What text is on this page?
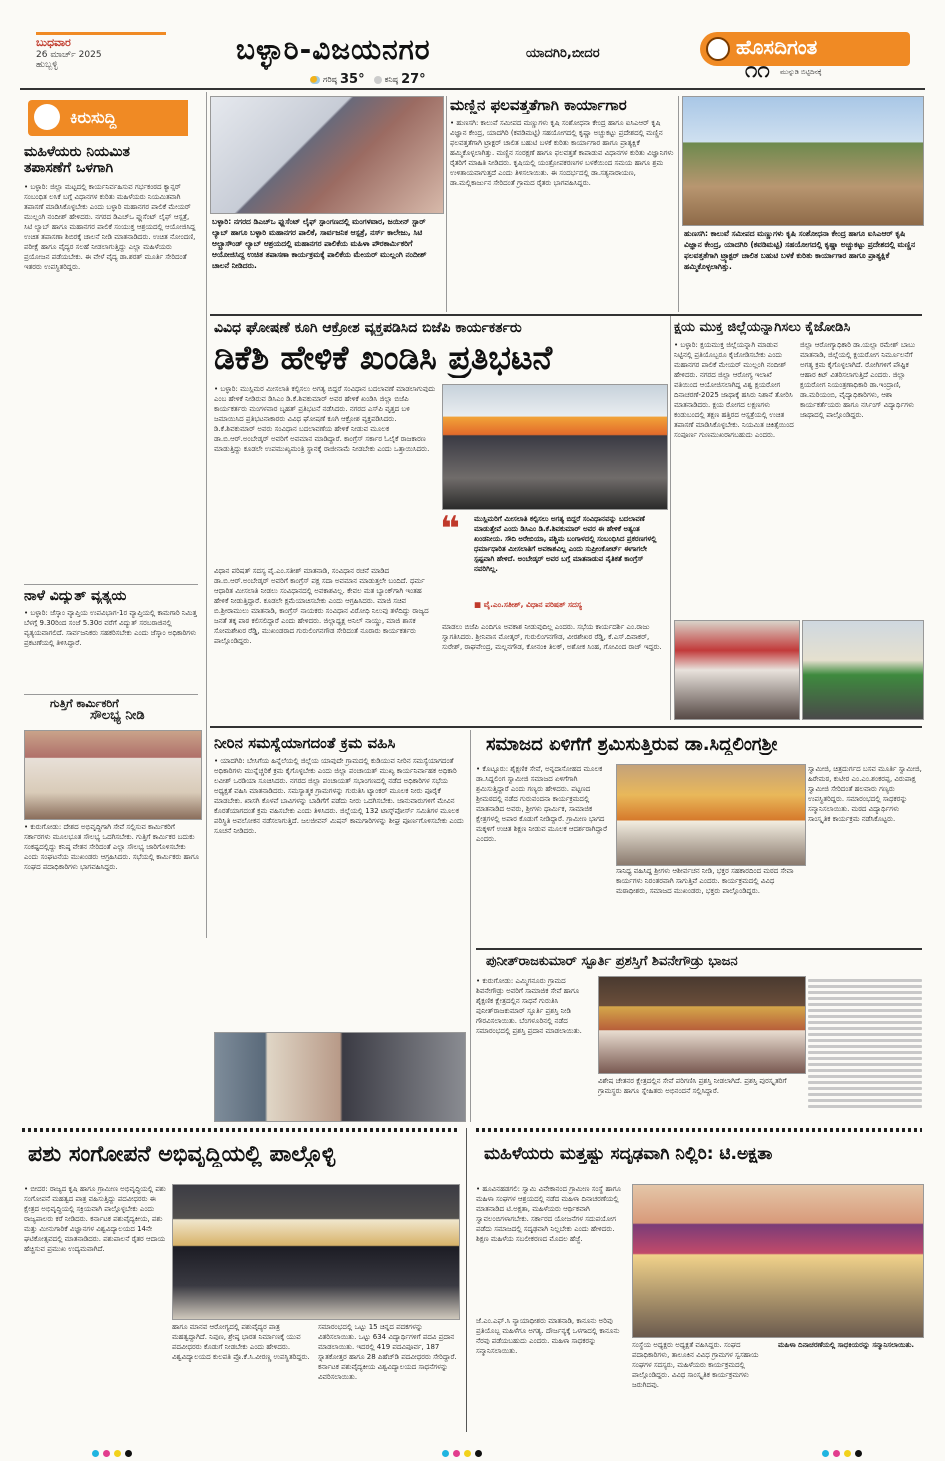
ಬುಧವಾರ
26 ಮಾರ್ಚ್ 2025
ಹುಬ್ಬಳ್ಳಿ	ಬಳ್ಳಾರಿ-ವಿಜಯನಗರ	ಯಾದಗಿರಿ,ಬೀದರ
ಗರಿಷ್ಠ 35°	ಕನಿಷ್ಠ 27°
ಹೊಸದಿಗಂತ
ಮುನ್ನುಡಿ ಬಿಟ್ಟಿದಿನಕ್ಕೆ
೧೧
ಕಿರುಸುದ್ದಿ
ಮಹಿಳೆಯರು ನಿಯಮಿತ
ತಪಾಸಣೆಗೆ ಒಳಗಾಗಿ
• ಬಳ್ಳಾರಿ: ಜಿಲ್ಲಾ ಮಟ್ಟದಲ್ಲಿ ಕಾರ್ಯನಿರ್ವಹಿಸುವ ಗರ್ಭಕಂಠದ ಕ್ಯಾನ್ಸರ್ ಸಂಬಂಧಿತ ಲಸಿಕೆ ಬಗ್ಗೆ ವಿಧಾನಗಳ ಕುರಿತು ಮಹಿಳೆಯರು ನಿಯಮಿತವಾಗಿ ತಪಾಸಣೆ ಮಾಡಿಸಿಕೊಳ್ಳಬೇಕು ಎಂದು ಬಳ್ಳಾರಿ ಮಹಾನಗರ ಪಾಲಿಕೆ ಮೇಯರ್ ಮುಲ್ಲಂಗಿ ನಂದೀಶ್ ಹೇಳಿದರು. ನಗರದ ಡಿಎಚ್‌ಒ ಫ್ಲುಸೆಂಟ್ ಲೈಫ್ ಆಸ್ಪತ್ರೆ, ಸಿಟಿ ಲ್ಯಾಬ್ ಹಾಗೂ ಮಹಾನಗರ ಪಾಲಿಕೆ ಸಂಯುಕ್ತ ಆಶ್ರಯದಲ್ಲಿ ಆಯೋಜಿಸಿದ್ದ ಉಚಿತ ತಪಾಸಣಾ ಶಿಬಿರಕ್ಕೆ ಚಾಲನೆ ನೀಡಿ ಮಾತನಾಡಿದರು. ಉಚಿತ ನೋಂದಣಿ, ಪರೀಕ್ಷೆ ಹಾಗೂ ವೈದ್ಯರ ಸಲಹೆ ನೀಡಲಾಗುತ್ತಿದ್ದು ಎಲ್ಲಾ ಮಹಿಳೆಯರು ಪ್ರಯೋಜನ ಪಡೆಯಬೇಕು. ಈ ವೇಳೆ ವೈದ್ಯ ಡಾ.ಶರತ್ ಮೂರ್ತಿ ಸೇರಿದಂತೆ ಇತರರು ಉಪಸ್ಥಿತರಿದ್ದರು.
ನಾಳೆ ವಿದ್ಯುತ್ ವ್ಯತ್ಯಯ
• ಬಳ್ಳಾರಿ: ಜೆಸ್ಕಾಂ ವ್ಯಾಪ್ತಿಯ ಉಪವಿಭಾಗ-1ರ ವ್ಯಾಪ್ತಿಯಲ್ಲಿ ಕಾಮಗಾರಿ ನಿಮಿತ್ತ ಬೆಳಗ್ಗೆ 9.30ರಿಂದ ಸಂಜೆ 5.30ರ ವರೆಗೆ ವಿದ್ಯುತ್ ಸರಬರಾಜಿನಲ್ಲಿ ವ್ಯತ್ಯಯವಾಗಲಿದೆ. ಸಾರ್ವಜನಿಕರು ಸಹಕರಿಸಬೇಕು ಎಂದು ಜೆಸ್ಕಾಂ ಅಧಿಕಾರಿಗಳು ಪ್ರಕಟಣೆಯಲ್ಲಿ ತಿಳಿಸಿದ್ದಾರೆ.
ಗುತ್ತಿಗೆ ಕಾರ್ಮಿಕರಿಗೆ
ಸೌಲಭ್ಯ ನೀಡಿ
• ಕುರುಗೋಡು: ದೇಶದ ಅಭಿವೃದ್ಧಿಗಾಗಿ ಸೇವೆ ಸಲ್ಲಿಸುವ ಕಾರ್ಮಿಕರಿಗೆ ಸರ್ಕಾರಗಳು ಮೂಲಭೂತ ಸೌಲಭ್ಯ ಒದಗಿಸಬೇಕು. ಗುತ್ತಿಗೆ ಕಾರ್ಮಿಕರ ಬದುಕು ಸಂಕಷ್ಟದಲ್ಲಿದ್ದು ಕನಿಷ್ಠ ವೇತನ ಸೇರಿದಂತೆ ಎಲ್ಲಾ ಸೌಲಭ್ಯ ಜಾರಿಗೊಳಿಸಬೇಕು ಎಂದು ಸಂಘಟನೆಯ ಮುಖಂಡರು ಆಗ್ರಹಿಸಿದರು. ಸಭೆಯಲ್ಲಿ ಕಾರ್ಮಿಕರು ಹಾಗೂ ಸಂಘದ ಪದಾಧಿಕಾರಿಗಳು ಭಾಗವಹಿಸಿದ್ದರು.
ಬಳ್ಳಾರಿ: ನಗರದ ಡಿಎಚ್‌ಒ ಫ್ಲುಸೆಂಟ್ ಲೈಫ್ ಸ್ಪಾಂಗಣದಲ್ಲಿ ಮಂಗಳವಾರ, ಜಯೀನ್ ಸ್ಟಾರ್ ಲ್ಯಾಬ್ ಹಾಗೂ ಬಳ್ಳಾರಿ ಮಹಾನಗರ ಪಾಲಿಕೆ, ಸಾರ್ವಜನಿಕ ಆಸ್ಪತ್ರೆ, ನರ್ಸ್ ಕಾಲೇಜು, ಸಿಟಿ ಆಲ್ಟ್ರಾಸೌಂಡ್ ಲ್ಯಾಬ್ ಆಶ್ರಯದಲ್ಲಿ ಮಹಾನಗರ ಪಾಲಿಕೆಯ ಮಹಿಳಾ ಪೌರಕಾರ್ಮಿಕರಿಗೆ ಆಯೋಜಿಸಿದ್ದ ಉಚಿತ ತಪಾಸಣಾ ಕಾರ್ಯಕ್ರಮಕ್ಕೆ ಪಾಲಿಕೆಯ ಮೇಯರ್ ಮುಲ್ಲಂಗಿ ನಂದೀಶ್ ಚಾಲನೆ ನೀಡಿದರು.
ಮಣ್ಣಿನ ಫಲವತ್ತತೆಗಾಗಿ ಕಾರ್ಯಾಗಾರ
• ಹುಣಸಗಿ: ಕಾಲುವೆ ಸಮೀಪದ ಮಣ್ಣುಗಳು ಕೃಷಿ ಸಂಶೋಧನಾ ಕೇಂದ್ರ ಹಾಗೂ ಐಸಿಎಆರ್ ಕೃಷಿ ವಿಜ್ಞಾನ ಕೇಂದ್ರ, ಯಾದಗಿರಿ (ಕವಡಿಮಟ್ಟಿ) ಸಹಯೋಗದಲ್ಲಿ ಕೃಷ್ಣಾ ಅಚ್ಚುಕಟ್ಟು ಪ್ರದೇಶದಲ್ಲಿ ಮಣ್ಣಿನ ಫಲವತ್ತತೆಗಾಗಿ ಟ್ರಾಕ್ಟರ್ ಚಾಲಿತ ಬಹುಟಿ ಬಳಕೆ ಕುರಿತು ಕಾರ್ಯಾಗಾರ ಹಾಗೂ ಪ್ರಾತ್ಯಕ್ಷಿಕೆ ಹಮ್ಮಿಕೊಳ್ಳಲಾಗಿತ್ತು. ಮಣ್ಣಿನ ಸಂರಕ್ಷಣೆ ಹಾಗೂ ಫಲವತ್ತತೆ ಕಾಪಾಡುವ ವಿಧಾನಗಳ ಕುರಿತು ವಿಜ್ಞಾನಿಗಳು ರೈತರಿಗೆ ಮಾಹಿತಿ ನೀಡಿದರು. ಕೃಷಿಯಲ್ಲಿ ಯಂತ್ರೋಪಕರಣಗಳ ಬಳಕೆಯಿಂದ ಸಮಯ ಹಾಗೂ ಶ್ರಮ ಉಳಿತಾಯವಾಗುತ್ತದೆ ಎಂದು ತಿಳಿಸಲಾಯಿತು. ಈ ಸಂದರ್ಭದಲ್ಲಿ ಡಾ.ಸತ್ಯನಾರಾಯಣ, ಡಾ.ಮಲ್ಲಿಕಾರ್ಜುನ ಸೇರಿದಂತೆ ಗ್ರಾಮದ ರೈತರು ಭಾಗವಹಿಸಿದ್ದರು.
ಹುಣಸಗಿ: ಕಾಲುವೆ ಸಮೀಪದ ಮಣ್ಣುಗಳು ಕೃಷಿ ಸಂಶೋಧನಾ ಕೇಂದ್ರ ಹಾಗೂ ಐಸಿಎಆರ್ ಕೃಷಿ ವಿಜ್ಞಾನ ಕೇಂದ್ರ, ಯಾದಗಿರಿ (ಕವಡಿಮಟ್ಟಿ) ಸಹಯೋಗದಲ್ಲಿ ಕೃಷ್ಣಾ ಅಚ್ಚುಕಟ್ಟು ಪ್ರದೇಶದಲ್ಲಿ ಮಣ್ಣಿನ ಫಲವತ್ತತೆಗಾಗಿ ಟ್ರ್ಯಾಕ್ಟರ್ ಚಾಲಿತ ಬಹುಟಿ ಬಳಕೆ ಕುರಿತು ಕಾರ್ಯಾಗಾರ ಹಾಗೂ ಪ್ರಾತ್ಯಕ್ಷಿಕೆ ಹಮ್ಮಿಕೊಳ್ಳಲಾಗಿತ್ತು.
ವಿವಿಧ ಘೋಷಣೆ ಕೂಗಿ ಆಕ್ರೋಶ ವ್ಯಕ್ತಪಡಿಸಿದ ಬಿಜೆಪಿ ಕಾರ್ಯಕರ್ತರು
ಡಿಕೆಶಿ ಹೇಳಿಕೆ ಖಂಡಿಸಿ ಪ್ರತಿಭಟನೆ
• ಬಳ್ಳಾರಿ: ಮುಸ್ಲಿಮರ ಮೀಸಲಾತಿ ಕಲ್ಪಿಸಲು ಅಗತ್ಯ ಬಿದ್ದರೆ ಸಂವಿಧಾನ ಬದಲಾವಣೆ ಮಾಡಲಾಗುವುದು ಎಂಬ ಹೇಳಿಕೆ ನೀಡಿರುವ ಡಿಸಿಎಂ ಡಿ.ಕೆ.ಶಿವಕುಮಾರ್ ಅವರ ಹೇಳಿಕೆ ಖಂಡಿಸಿ ಜಿಲ್ಲಾ ಬಿಜೆಪಿ ಕಾರ್ಯಕರ್ತರು ಮಂಗಳವಾರ ಬೃಹತ್ ಪ್ರತಿಭಟನೆ ನಡೆಸಿದರು. ನಗರದ ಎಸ್‌ಪಿ ವೃತ್ತದ ಬಳಿ ಜಮಾಯಿಸಿದ ಪ್ರತಿಭಟನಾಕಾರರು ವಿವಿಧ ಘೋಷಣೆ ಕೂಗಿ ಆಕ್ರೋಶ ವ್ಯಕ್ತಪಡಿಸಿದರು. ಡಿ.ಕೆ.ಶಿವಕುಮಾರ್ ಅವರು ಸಂವಿಧಾನ ಬದಲಾವಣೆಯ ಹೇಳಿಕೆ ನೀಡುವ ಮೂಲಕ ಡಾ.ಬಿ.ಆರ್.ಅಂಬೇಡ್ಕರ್ ಅವರಿಗೆ ಅವಮಾನ ಮಾಡಿದ್ದಾರೆ. ಕಾಂಗ್ರೆಸ್ ಸರ್ಕಾರ ಓಲೈಕೆ ರಾಜಕಾರಣ ಮಾಡುತ್ತಿದ್ದು ಕೂಡಲೇ ಉಪಮುಖ್ಯಮಂತ್ರಿ ಸ್ಥಾನಕ್ಕೆ ರಾಜೀನಾಮೆ ನೀಡಬೇಕು ಎಂದು ಒತ್ತಾಯಿಸಿದರು.
ವಿಧಾನ ಪರಿಷತ್ ಸದಸ್ಯ ವೈ.ಎಂ.ಸತೀಶ್ ಮಾತನಾಡಿ, ಸಂವಿಧಾನ ರಚನೆ ಮಾಡಿದ ಡಾ.ಬಿ.ಆರ್.ಅಂಬೇಡ್ಕರ್ ಅವರಿಗೆ ಕಾಂಗ್ರೆಸ್ ಪಕ್ಷ ಸದಾ ಅವಮಾನ ಮಾಡುತ್ತಲೇ ಬಂದಿದೆ. ಧರ್ಮ ಆಧಾರಿತ ಮೀಸಲಾತಿ ನೀಡಲು ಸಂವಿಧಾನದಲ್ಲಿ ಅವಕಾಶವಿಲ್ಲ. ಕೇವಲ ಮತ ಬ್ಯಾಂಕ್‌ಗಾಗಿ ಇಂತಹ ಹೇಳಿಕೆ ನೀಡುತ್ತಿದ್ದಾರೆ. ಕೂಡಲೇ ಕ್ಷಮೆಯಾಚಿಸಬೇಕು ಎಂದು ಆಗ್ರಹಿಸಿದರು. ಮಾಜಿ ಸಚಿವ ಬಿ.ಶ್ರೀರಾಮುಲು ಮಾತನಾಡಿ, ಕಾಂಗ್ರೆಸ್ ನಾಯಕರು ಸಂವಿಧಾನ ವಿರೋಧಿ ನಿಲುವು ತಳೆದಿದ್ದು ರಾಜ್ಯದ ಜನತೆ ತಕ್ಕ ಪಾಠ ಕಲಿಸಲಿದ್ದಾರೆ ಎಂದು ಹೇಳಿದರು. ಜಿಲ್ಲಾಧ್ಯಕ್ಷ ಅನಿಲ್ ನಾಯ್ಡು, ಮಾಜಿ ಶಾಸಕ ಸೋಮಶೇಖರ ರೆಡ್ಡಿ, ಮುಖಂಡರಾದ ಗುರುಲಿಂಗನಗೌಡ ಸೇರಿದಂತೆ ನೂರಾರು ಕಾರ್ಯಕರ್ತರು ಪಾಲ್ಗೊಂಡಿದ್ದರು.
❝ ಮುಸ್ಲಿಮರಿಗೆ ಮೀಸಲಾತಿ ಕಲ್ಪಿಸಲು ಅಗತ್ಯ ಬಿದ್ದರೆ ಸಂವಿಧಾನವನ್ನು ಬದಲಾವಣೆ ಮಾಡುತ್ತೇವೆ ಎಂದು ಡಿಸಿಎಂ ಡಿ.ಕೆ.ಶಿವಕುಮಾರ್ ಅವರ ಈ ಹೇಳಿಕೆ ಅತ್ಯಂತ ಖಂಡನೀಯ. ಸೌದಿ ಅರೇಬಿಯಾ, ಪಶ್ಚಿಮ ಬಂಗಾಳದಲ್ಲಿ ಸಂಬಂಧಿಸಿದ ಪ್ರಕರಣಗಳಲ್ಲಿ ಧರ್ಮಾಧಾರಿತ ಮೀಸಲಾತಿಗೆ ಅವಕಾಶವಿಲ್ಲ ಎಂದು ಸುಪ್ರೀಂಕೋರ್ಟ್ ಈಗಾಗಲೇ ಸ್ಪಷ್ಟವಾಗಿ ಹೇಳಿದೆ. ಅಂಬೇಡ್ಕರ್ ಅವರ ಬಗ್ಗೆ ಮಾತನಾಡುವ ನೈತಿಕತೆ ಕಾಂಗ್ರೆಸ್ ನವರಿಗಿಲ್ಲ.
■ ವೈ.ಎಂ.ಸತೀಶ್, ವಿಧಾನ ಪರಿಷತ್ ಸದಸ್ಯ
ಮಾಡಲು ಬಿಜೆಪಿ ಎಂದಿಗೂ ಅವಕಾಶ ನೀಡುವುದಿಲ್ಲ ಎಂದರು. ಸಭೆಯ ಕಾರ್ಯದರ್ಶಿ ಎಂ.ರಾಜು ಸ್ವಾಗತಿಸಿದರು. ಶ್ರೀನಿವಾಸ ಮೋತ್ಕರ್, ಗುರುಲಿಂಗನಗೌಡ, ವೀರಶೇಖರ ರೆಡ್ಡಿ, ಕೆ.ಎಸ್.ದಿವಾಕರ್, ಸುರೇಶ್, ರಾಘವೇಂದ್ರ, ಮಲ್ಲನಗೌಡ, ಕೋನಂಕಿ ತಿಲಕ್, ಅಶೋಕ ಸಿಂಹ, ಗೋವಿಂದ ರಾಜ್ ಇದ್ದರು.
ಕ್ಷಯ ಮುಕ್ತ ಜಿಲ್ಲೆಯನ್ನಾಗಿಸಲು ಕೈಜೋಡಿಸಿ
• ಬಳ್ಳಾರಿ: ಕ್ಷಯಮುಕ್ತ ಜಿಲ್ಲೆಯನ್ನಾಗಿ ಮಾಡುವ ನಿಟ್ಟಿನಲ್ಲಿ ಪ್ರತಿಯೊಬ್ಬರೂ ಕೈಜೋಡಿಸಬೇಕು ಎಂದು ಮಹಾನಗರ ಪಾಲಿಕೆ ಮೇಯರ್ ಮುಲ್ಲಂಗಿ ನಂದೀಶ್ ಹೇಳಿದರು. ನಗರದ ಜಿಲ್ಲಾ ಆರೋಗ್ಯ ಇಲಾಖೆ ವತಿಯಿಂದ ಆಯೋಜಿಸಲಾಗಿದ್ದ ವಿಶ್ವ ಕ್ಷಯರೋಗ ದಿನಾಚರಣೆ-2025 ಜಾಥಾಕ್ಕೆ ಹಸಿರು ನಿಶಾನೆ ತೋರಿಸಿ ಮಾತನಾಡಿದರು. ಕ್ಷಯ ರೋಗದ ಲಕ್ಷಣಗಳು ಕಂಡುಬಂದಲ್ಲಿ ತಕ್ಷಣ ಹತ್ತಿರದ ಆಸ್ಪತ್ರೆಯಲ್ಲಿ ಉಚಿತ ತಪಾಸಣೆ ಮಾಡಿಸಿಕೊಳ್ಳಬೇಕು. ನಿಯಮಿತ ಚಿಕಿತ್ಸೆಯಿಂದ ಸಂಪೂರ್ಣ ಗುಣಮುಖರಾಗಬಹುದು ಎಂದರು.
ಜಿಲ್ಲಾ ಆರೋಗ್ಯಾಧಿಕಾರಿ ಡಾ.ಯಲ್ಲಾ ರಮೇಶ್ ಬಾಬು ಮಾತನಾಡಿ, ಜಿಲ್ಲೆಯಲ್ಲಿ ಕ್ಷಯರೋಗ ನಿರ್ಮೂಲನೆಗೆ ಅಗತ್ಯ ಕ್ರಮ ಕೈಗೊಳ್ಳಲಾಗಿದೆ. ರೋಗಿಗಳಿಗೆ ಪೌಷ್ಟಿಕ ಆಹಾರ ಕಿಟ್ ವಿತರಿಸಲಾಗುತ್ತಿದೆ ಎಂದರು. ಜಿಲ್ಲಾ ಕ್ಷಯರೋಗ ನಿಯಂತ್ರಣಾಧಿಕಾರಿ ಡಾ.ಇಂದ್ರಾಣಿ, ಡಾ.ಮರಿಯಂಬಿ, ವೈದ್ಯಾಧಿಕಾರಿಗಳು, ಆಶಾ ಕಾರ್ಯಕರ್ತೆಯರು ಹಾಗೂ ನರ್ಸಿಂಗ್ ವಿದ್ಯಾರ್ಥಿಗಳು ಜಾಥಾದಲ್ಲಿ ಪಾಲ್ಗೊಂಡಿದ್ದರು.
ನೀರಿನ ಸಮಸ್ಯೆಯಾಗದಂತೆ ಕ್ರಮ ವಹಿಸಿ
• ಯಾದಗಿರಿ: ಬೇಸಿಗೆಯ ಹಿನ್ನೆಲೆಯಲ್ಲಿ ಜಿಲ್ಲೆಯ ಯಾವುದೇ ಗ್ರಾಮದಲ್ಲಿ ಕುಡಿಯುವ ನೀರಿನ ಸಮಸ್ಯೆಯಾಗದಂತೆ ಅಧಿಕಾರಿಗಳು ಮುನ್ನೆಚ್ಚರಿಕೆ ಕ್ರಮ ಕೈಗೊಳ್ಳಬೇಕು ಎಂದು ಜಿಲ್ಲಾ ಪಂಚಾಯತ್ ಮುಖ್ಯ ಕಾರ್ಯನಿರ್ವಾಹಕ ಅಧಿಕಾರಿ ಲವೀಶ್ ಒರಡಿಯಾ ಸೂಚಿಸಿದರು. ನಗರದ ಜಿಲ್ಲಾ ಪಂಚಾಯತ್ ಸಭಾಂಗಣದಲ್ಲಿ ನಡೆದ ಅಧಿಕಾರಿಗಳ ಸಭೆಯ ಅಧ್ಯಕ್ಷತೆ ವಹಿಸಿ ಮಾತನಾಡಿದರು. ಸಮಸ್ಯಾತ್ಮಕ ಗ್ರಾಮಗಳನ್ನು ಗುರುತಿಸಿ ಟ್ಯಾಂಕರ್ ಮೂಲಕ ನೀರು ಪೂರೈಕೆ ಮಾಡಬೇಕು. ಖಾಸಗಿ ಕೊಳವೆ ಬಾವಿಗಳನ್ನು ಬಾಡಿಗೆಗೆ ಪಡೆದು ನೀರು ಒದಗಿಸಬೇಕು. ಜಾನುವಾರುಗಳಿಗೆ ಮೇವಿನ ಕೊರತೆಯಾಗದಂತೆ ಕ್ರಮ ವಹಿಸಬೇಕು ಎಂದು ತಿಳಿಸಿದರು. ಜಿಲ್ಲೆಯಲ್ಲಿ 132 ಟಾಸ್ಕ್‌ಪೋರ್ಸ್ ಸಮಿತಿಗಳ ಮೂಲಕ ಪರಿಸ್ಥಿತಿ ಅವಲೋಕನ ನಡೆಸಲಾಗುತ್ತಿದೆ. ಜಲಜೀವನ್ ಮಿಷನ್ ಕಾಮಗಾರಿಗಳನ್ನು ಶೀಘ್ರ ಪೂರ್ಣಗೊಳಿಸಬೇಕು ಎಂದು ಸೂಚನೆ ನೀಡಿದರು.
ಸಮಾಜದ ಏಳಿಗೆಗೆ ಶ್ರಮಿಸುತ್ತಿರುವ ಡಾ.ಸಿದ್ದಲಿಂಗಶ್ರೀ
• ಕೊಟ್ಟೂರು: ಶೈಕ್ಷಣಿಕ ಸೇವೆ, ಅನ್ನದಾಸೋಹದ ಮೂಲಕ ಡಾ.ಸಿದ್ದಲಿಂಗ ಸ್ವಾಮೀಜಿ ಸಮಾಜದ ಏಳಿಗೆಗಾಗಿ ಶ್ರಮಿಸುತ್ತಿದ್ದಾರೆ ಎಂದು ಗಣ್ಯರು ಹೇಳಿದರು. ಪಟ್ಟಣದ ಶ್ರೀಮಠದಲ್ಲಿ ನಡೆದ ಗುರುವಂದನಾ ಕಾರ್ಯಕ್ರಮದಲ್ಲಿ ಮಾತನಾಡಿದ ಅವರು, ಶ್ರೀಗಳು ಧಾರ್ಮಿಕ, ಸಾಮಾಜಿಕ ಕ್ಷೇತ್ರಗಳಲ್ಲಿ ಅಪಾರ ಕೊಡುಗೆ ನೀಡಿದ್ದಾರೆ. ಗ್ರಾಮೀಣ ಭಾಗದ ಮಕ್ಕಳಿಗೆ ಉಚಿತ ಶಿಕ್ಷಣ ನೀಡುವ ಮೂಲಕ ಆದರ್ಶರಾಗಿದ್ದಾರೆ ಎಂದರು.
ಸಾನಿಧ್ಯ ವಹಿಸಿದ್ದ ಶ್ರೀಗಳು ಆಶೀರ್ವಚನ ನೀಡಿ, ಭಕ್ತರ ಸಹಕಾರದಿಂದ ಮಠದ ಸೇವಾ ಕಾರ್ಯಗಳು ನಿರಂತರವಾಗಿ ಸಾಗುತ್ತಿವೆ ಎಂದರು. ಕಾರ್ಯಕ್ರಮದಲ್ಲಿ ವಿವಿಧ ಮಠಾಧೀಶರು, ಸಮಾಜದ ಮುಖಂಡರು, ಭಕ್ತರು ಪಾಲ್ಗೊಂಡಿದ್ದರು.
ಸ್ವಾಮೀಜಿ, ಚಿತ್ರದುರ್ಗದ ಬಸವ ಮೂರ್ತಿ ಸ್ವಾಮೀಜಿ, ಹಿರೇಮಠ, ಕುಟೀರ ಎಂ.ಎಂ.ಶಂಕರಪ್ಪ, ವಿರುಪಾಕ್ಷ ಸ್ವಾಮೀಜಿ ಸೇರಿದಂತೆ ಹಲವಾರು ಗಣ್ಯರು ಉಪಸ್ಥಿತರಿದ್ದರು. ಸಮಾರಂಭದಲ್ಲಿ ಸಾಧಕರನ್ನು ಸನ್ಮಾನಿಸಲಾಯಿತು. ಮಠದ ವಿದ್ಯಾರ್ಥಿಗಳು ಸಾಂಸ್ಕೃತಿಕ ಕಾರ್ಯಕ್ರಮ ನಡೆಸಿಕೊಟ್ಟರು.
ಪುನೀತ್‌ರಾಜಕುಮಾರ್ ಸ್ಫೂರ್ತಿ ಪ್ರಶಸ್ತಿಗೆ ಶಿವನೇಗೌಡ್ರು ಭಾಜನ
• ಕುರುಗೋಡು: ಎಮ್ಮಿಗನೂರು ಗ್ರಾಮದ ಶಿವನೇಗೌಡ್ರು ಅವರಿಗೆ ಸಾಮಾಜಿಕ ಸೇವೆ ಹಾಗೂ ಶೈಕ್ಷಣಿಕ ಕ್ಷೇತ್ರದಲ್ಲಿನ ಸಾಧನೆ ಗುರುತಿಸಿ ಪುನೀತ್‌ರಾಜಕುಮಾರ್ ಸ್ಫೂರ್ತಿ ಪ್ರಶಸ್ತಿ ನೀಡಿ ಗೌರವಿಸಲಾಯಿತು. ಬೆಂಗಳೂರಿನಲ್ಲಿ ನಡೆದ ಸಮಾರಂಭದಲ್ಲಿ ಪ್ರಶಸ್ತಿ ಪ್ರದಾನ ಮಾಡಲಾಯಿತು.
ವಿಶೇಷ ಚೇತನರ ಕ್ಷೇತ್ರದಲ್ಲಿನ ಸೇವೆ ಪರಿಗಣಿಸಿ ಪ್ರಶಸ್ತಿ ನೀಡಲಾಗಿದೆ. ಪ್ರಶಸ್ತಿ ಪುರಸ್ಕೃತರಿಗೆ ಗ್ರಾಮಸ್ಥರು ಹಾಗೂ ಸ್ನೇಹಿತರು ಅಭಿನಂದನೆ ಸಲ್ಲಿಸಿದ್ದಾರೆ.
ಪಶು ಸಂಗೋಪನೆ ಅಭಿವೃದ್ಧಿಯಲ್ಲಿ ಪಾಲ್ಗೊಳ್ಳಿ
• ಬೀದರ: ರಾಜ್ಯದ ಕೃಷಿ ಹಾಗೂ ಗ್ರಾಮೀಣ ಅಭಿವೃದ್ಧಿಯಲ್ಲಿ ಪಶು ಸಂಗೋಪನೆ ಮಹತ್ವದ ಪಾತ್ರ ವಹಿಸುತ್ತಿದ್ದು ಪದವೀಧರರು ಈ ಕ್ಷೇತ್ರದ ಅಭಿವೃದ್ಧಿಯಲ್ಲಿ ಸಕ್ರಿಯವಾಗಿ ಪಾಲ್ಗೊಳ್ಳಬೇಕು ಎಂದು ರಾಜ್ಯಪಾಲರು ಕರೆ ನೀಡಿದರು. ಕರ್ನಾಟಕ ಪಶುವೈದ್ಯಕೀಯ, ಪಶು ಮತ್ತು ಮೀನುಗಾರಿಕೆ ವಿಜ್ಞಾನಗಳ ವಿಶ್ವವಿದ್ಯಾಲಯದ 14ನೇ ಘಟಿಕೋತ್ಸವದಲ್ಲಿ ಮಾತನಾಡಿದರು. ಪಶುಪಾಲನೆ ರೈತರ ಆದಾಯ ಹೆಚ್ಚಿಸುವ ಪ್ರಮುಖ ಉದ್ಯಮವಾಗಿದೆ.
ಹಾಗೂ ಮಾನವ ಆರೋಗ್ಯದಲ್ಲಿ ಪಶುವೈದ್ಯರ ಪಾತ್ರ ಮಹತ್ವದ್ದಾಗಿದೆ. ನಿಪುಣ, ಶ್ರೇಷ್ಠ ಭಾರತ ನಿರ್ಮಾಣಕ್ಕೆ ಯುವ ಪದವೀಧರರು ಕೊಡುಗೆ ನೀಡಬೇಕು ಎಂದು ಹೇಳಿದರು. ವಿಶ್ವವಿದ್ಯಾಲಯದ ಕುಲಪತಿ ಪ್ರೊ.ಕೆ.ಸಿ.ವೀರಣ್ಣ ಉಪಸ್ಥಿತರಿದ್ದರು.
ಸಮಾರಂಭದಲ್ಲಿ ಒಟ್ಟು 15 ಚಿನ್ನದ ಪದಕಗಳನ್ನು ವಿತರಿಸಲಾಯಿತು. ಒಟ್ಟು 634 ವಿದ್ಯಾರ್ಥಿಗಳಿಗೆ ಪದವಿ ಪ್ರದಾನ ಮಾಡಲಾಯಿತು. ಇದರಲ್ಲಿ 419 ಪದವಿಪೂರ್ವ, 187 ಸ್ನಾತಕೋತ್ತರ ಹಾಗೂ 28 ಪಿಹೆಚ್‌ಡಿ ಪದವೀಧರರು ಸೇರಿದ್ದಾರೆ. ಕರ್ನಾಟಕ ಪಶುವೈದ್ಯಕೀಯ ವಿಶ್ವವಿದ್ಯಾಲಯದ ಸಾಧನೆಗಳನ್ನು ವಿವರಿಸಲಾಯಿತು.
ಮಹಿಳೆಯರು ಮತ್ತಷ್ಟು ಸದೃಢವಾಗಿ ನಿಲ್ಲಿರಿ: ಟಿ.ಅಕ್ಷತಾ
• ಹೂವಿನಹಡಗಲಿ: ಸ್ವಾಮಿ ವಿವೇಕಾನಂದ ಗ್ರಾಮೀಣ ಸಂಸ್ಥೆ ಹಾಗೂ ಮಹಿಳಾ ಸಂಘಗಳ ಆಶ್ರಯದಲ್ಲಿ ನಡೆದ ಮಹಿಳಾ ದಿನಾಚರಣೆಯಲ್ಲಿ ಮಾತನಾಡಿದ ಟಿ.ಅಕ್ಷತಾ, ಮಹಿಳೆಯರು ಆರ್ಥಿಕವಾಗಿ ಸ್ವಾವಲಂಬಿಗಳಾಗಬೇಕು. ಸರ್ಕಾರದ ಯೋಜನೆಗಳ ಸದುಪಯೋಗ ಪಡೆದು ಸಮಾಜದಲ್ಲಿ ಸದೃಢವಾಗಿ ನಿಲ್ಲಬೇಕು ಎಂದು ಹೇಳಿದರು. ಶಿಕ್ಷಣ ಮಹಿಳೆಯ ಸಬಲೀಕರಣದ ಮೊದಲ ಹೆಜ್ಜೆ.
ಜೆ.ಎಂ.ಎಫ್.ಸಿ ನ್ಯಾಯಾಧೀಶರು ಮಾತನಾಡಿ, ಕಾನೂನು ಅರಿವು ಪ್ರತಿಯೊಬ್ಬ ಮಹಿಳೆಗೂ ಅಗತ್ಯ. ದೌರ್ಜನ್ಯಕ್ಕೆ ಒಳಗಾದಲ್ಲಿ ಕಾನೂನು ನೆರವು ಪಡೆಯಬಹುದು ಎಂದರು. ಮಹಿಳಾ ಸಾಧಕರನ್ನು ಸನ್ಮಾನಿಸಲಾಯಿತು.
ಸಂಸ್ಥೆಯ ಅಧ್ಯಕ್ಷರು ಅಧ್ಯಕ್ಷತೆ ವಹಿಸಿದ್ದರು. ಸಂಘದ ಪದಾಧಿಕಾರಿಗಳು, ತಾಲೂಕಿನ ವಿವಿಧ ಗ್ರಾಮಗಳ ಸ್ವಸಹಾಯ ಸಂಘಗಳ ಸದಸ್ಯರು, ಮಹಿಳೆಯರು ಕಾರ್ಯಕ್ರಮದಲ್ಲಿ ಪಾಲ್ಗೊಂಡಿದ್ದರು. ವಿವಿಧ ಸಾಂಸ್ಕೃತಿಕ ಕಾರ್ಯಕ್ರಮಗಳು ಜರುಗಿದವು.
ಮಹಿಳಾ ದಿನಾಚರಣೆಯಲ್ಲಿ ಸಾಧಕಿಯರನ್ನು ಸನ್ಮಾನಿಸಲಾಯಿತು.
